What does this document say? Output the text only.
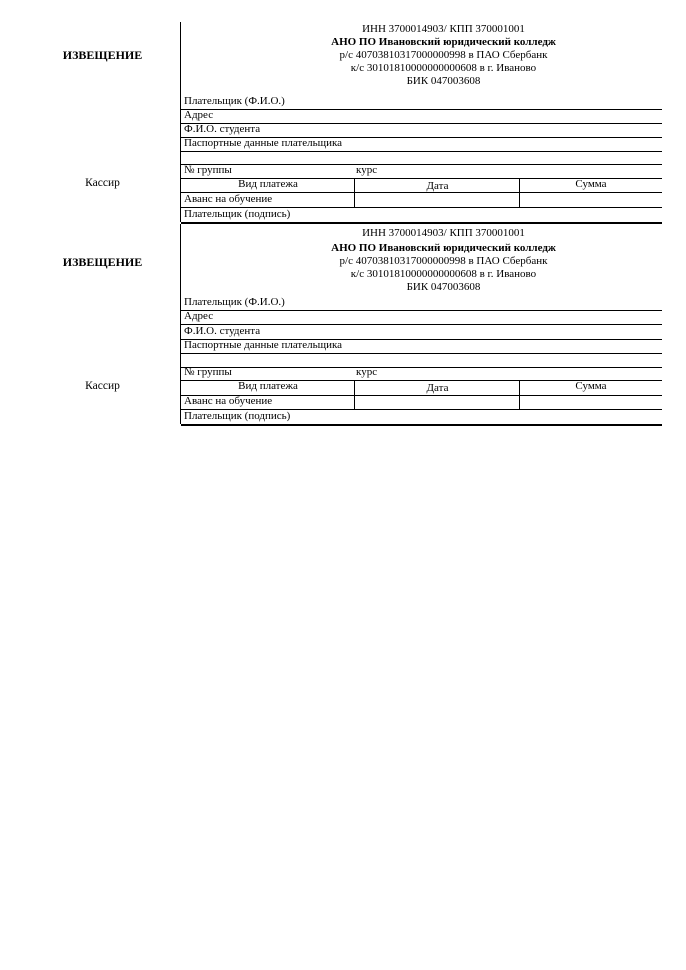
ИЗВЕЩЕНИЕ
Кассир
ИНН 3700014903/ КПП 370001001
АНО ПО Ивановский юридический колледж
р/с 40703810317000000998 в ПАО Сбербанк
к/с 30101810000000000608 в г. Иваново
БИК 047003608
Плательщик (Ф.И.О.)
Адрес
Ф.И.О. студента
Паспортные данные плательщика
№ группы	курс
Вид платежа	Дата	Сумма
Аванс на обучение
Плательщик (подпись)
ИЗВЕЩЕНИЕ
Кассир
ИНН 3700014903/ КПП 370001001
АНО ПО Ивановский юридический колледж
р/с 40703810317000000998 в ПАО Сбербанк
к/с 30101810000000000608 в г. Иваново
БИК 047003608
Плательщик (Ф.И.О.)
Адрес
Ф.И.О. студента
Паспортные данные плательщика
№ группы	курс
Вид платежа	Дата	Сумма
Аванс на обучение
Плательщик (подпись)
